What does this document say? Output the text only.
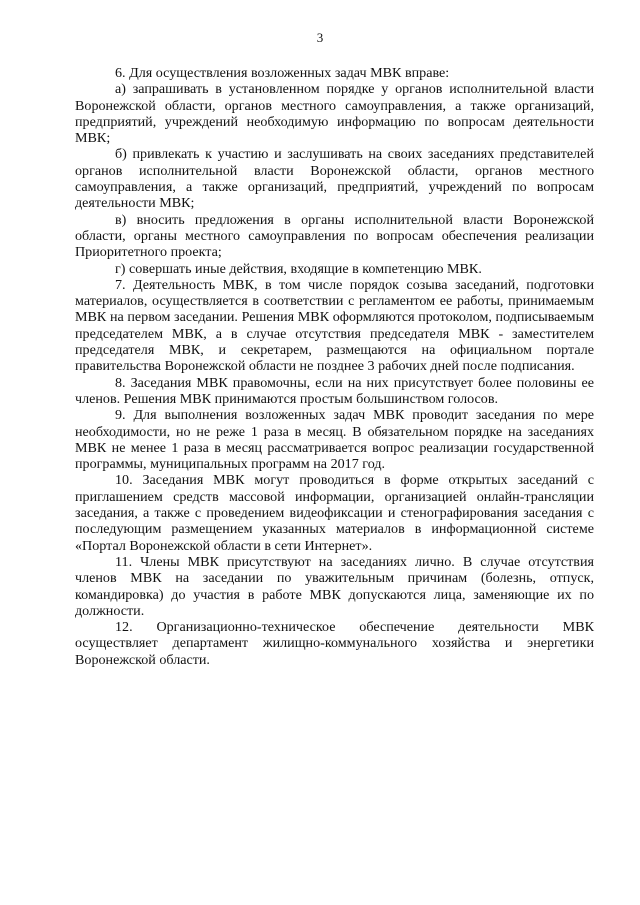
3

6. Для осуществления возложенных задач МВК вправе:

а) запрашивать в установленном порядке у органов исполнительной власти Воронежской области, органов местного самоуправления, а также организаций, предприятий, учреждений необходимую информацию по вопросам деятельности МВК;

б) привлекать к участию и заслушивать на своих заседаниях представителей органов исполнительной власти Воронежской области, органов местного самоуправления, а также организаций, предприятий, учреждений по вопросам деятельности МВК;

в) вносить предложения в органы исполнительной власти Воронежской области, органы местного самоуправления по вопросам обеспечения реализации Приоритетного проекта;

г) совершать иные действия, входящие в компетенцию МВК.

7. Деятельность МВК, в том числе порядок созыва заседаний, подготовки материалов, осуществляется в соответствии с регламентом ее работы, принимаемым МВК на первом заседании. Решения МВК оформляются протоколом, подписываемым председателем МВК, а в случае отсутствия председателя МВК - заместителем председателя МВК, и секретарем, размещаются на официальном портале правительства Воронежской области не позднее 3 рабочих дней после подписания.

8. Заседания МВК правомочны, если на них присутствует более половины ее членов. Решения МВК принимаются простым большинством голосов.

9. Для выполнения возложенных задач МВК проводит заседания по мере необходимости, но не реже 1 раза в месяц. В обязательном порядке на заседаниях МВК не менее 1 раза в месяц рассматривается вопрос реализации государственной программы, муниципальных программ на 2017 год.

10. Заседания МВК могут проводиться в форме открытых заседаний с приглашением средств массовой информации, организацией онлайн-трансляции заседания, а также с проведением видеофиксации и стенографирования заседания с последующим размещением указанных материалов в информационной системе «Портал Воронежской области в сети Интернет».

11. Члены МВК присутствуют на заседаниях лично. В случае отсутствия членов МВК на заседании по уважительным причинам (болезнь, отпуск, командировка) до участия в работе МВК допускаются лица, заменяющие их по должности.

12. Организационно-техническое обеспечение деятельности МВК осуществляет департамент жилищно-коммунального хозяйства и энергетики Воронежской области.
